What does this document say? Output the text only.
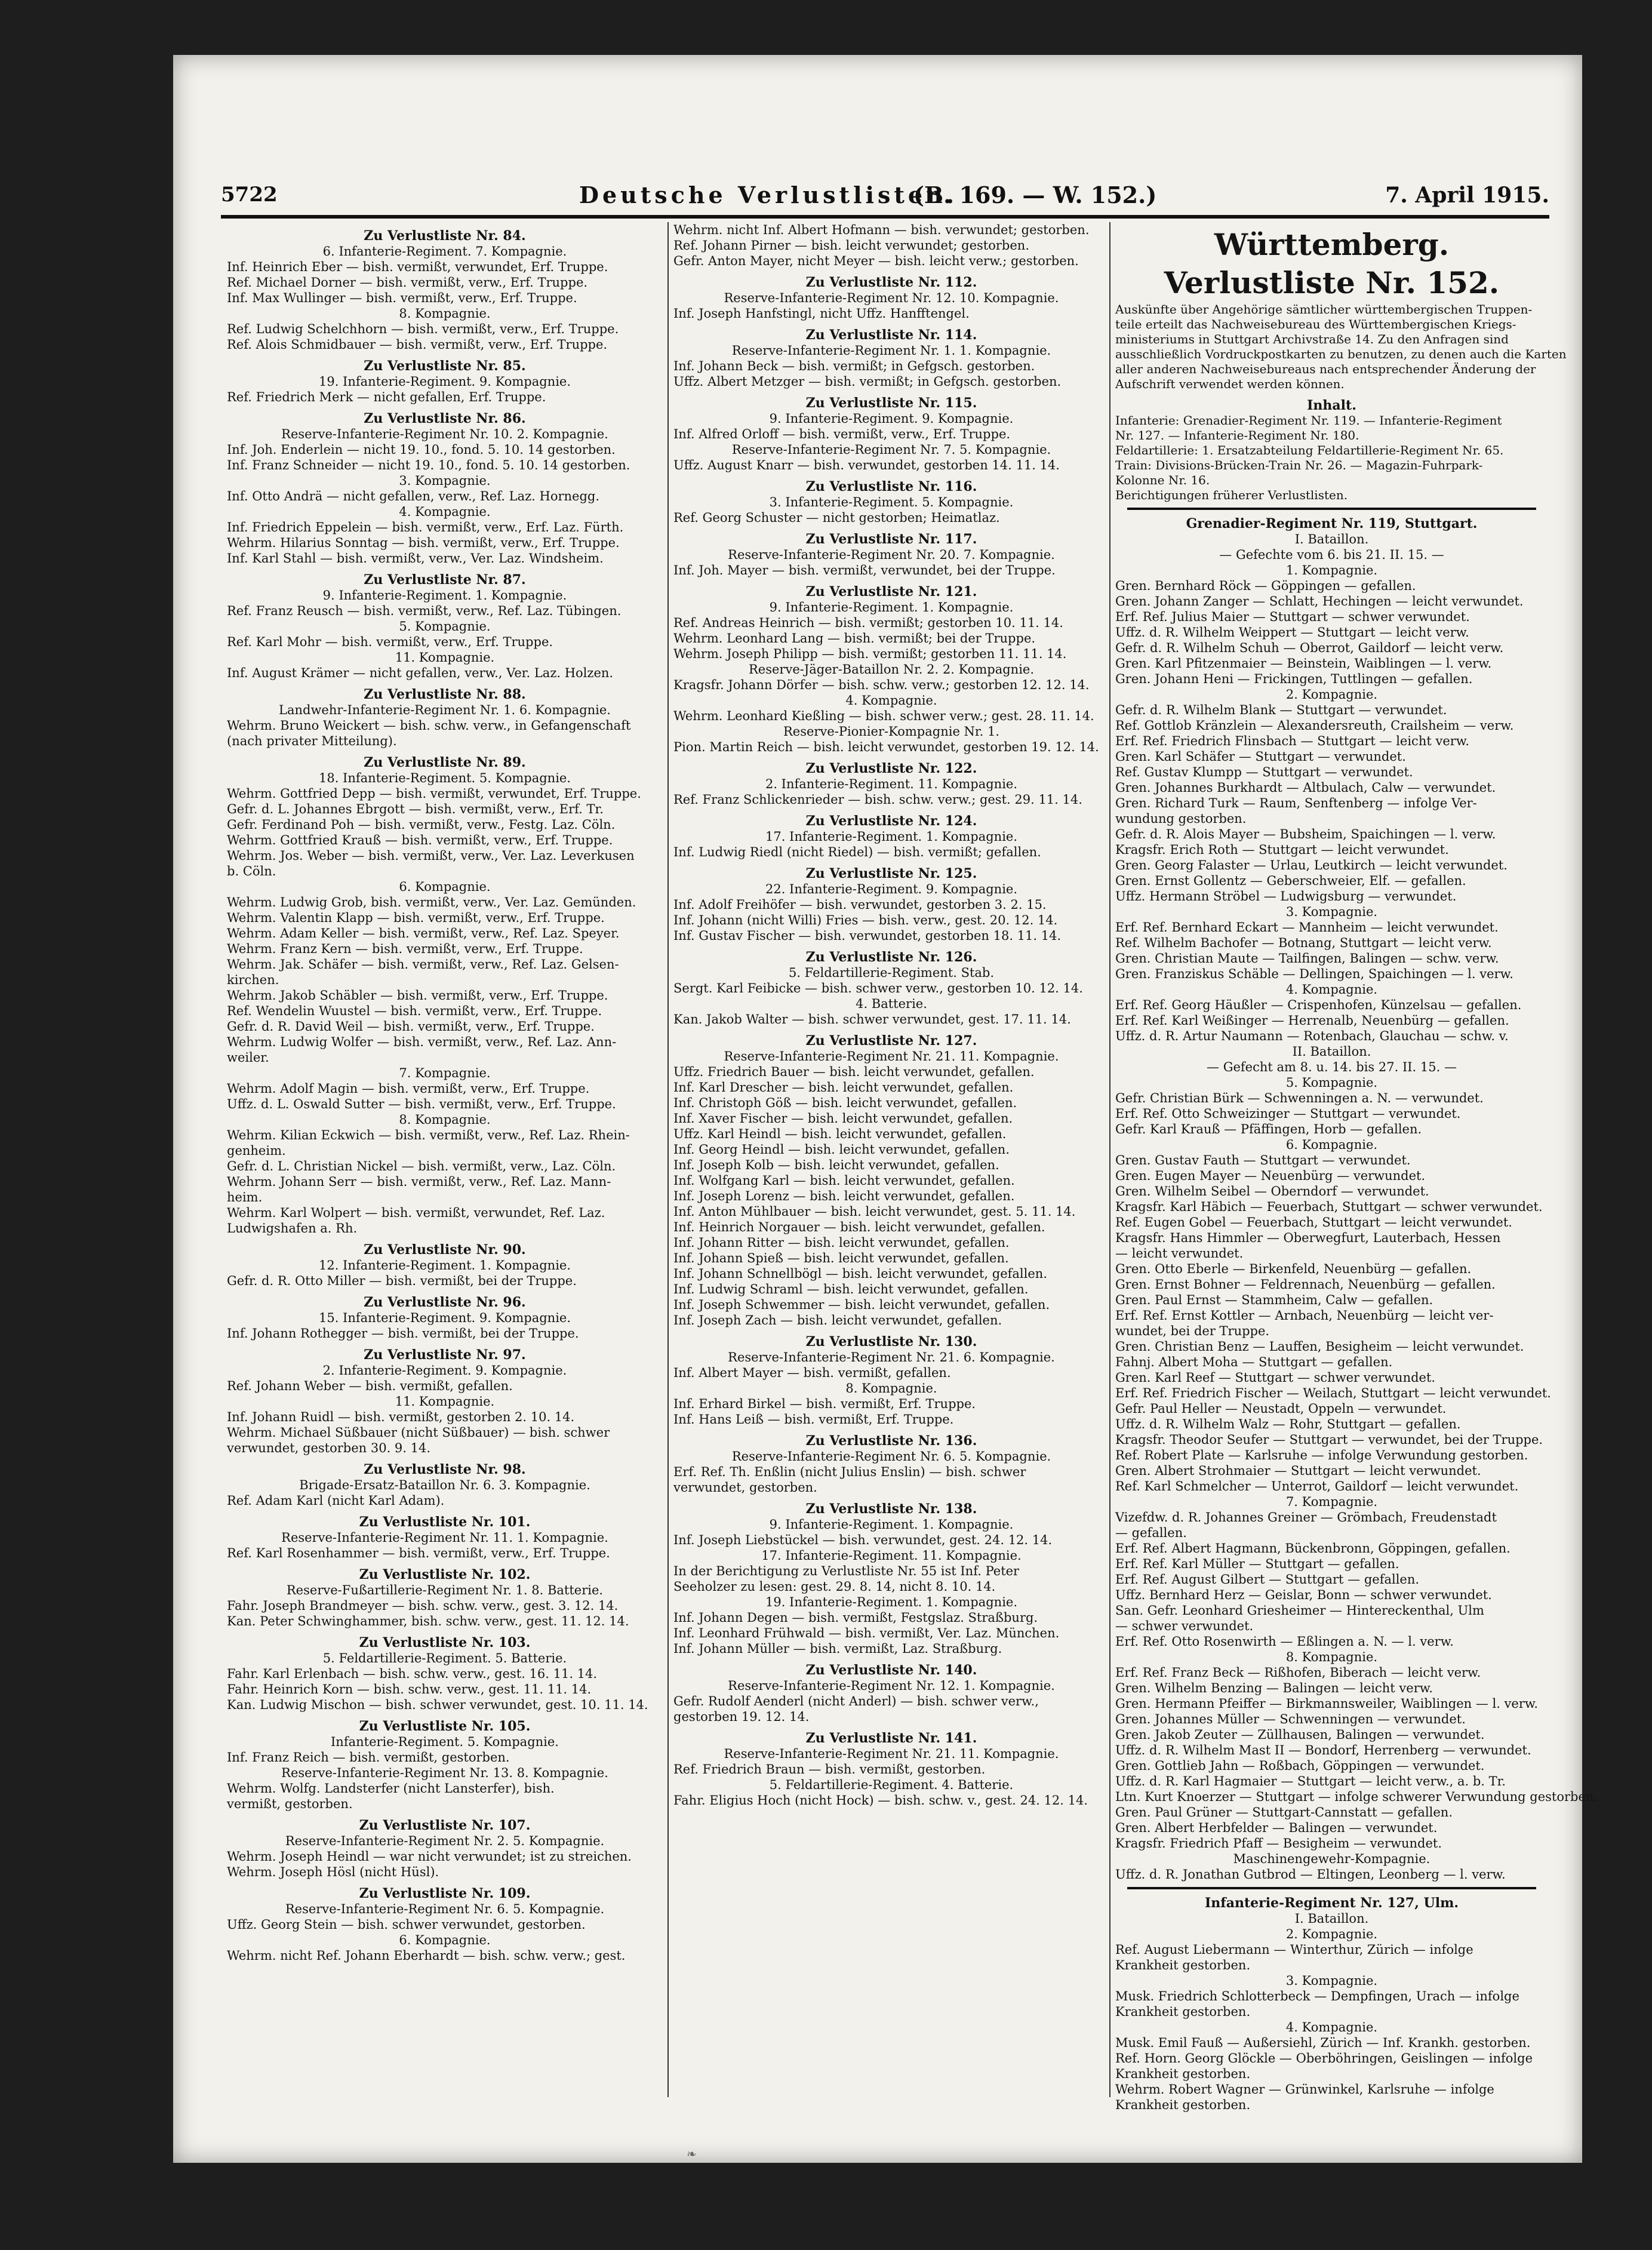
5722	Deutsche Verlustlisten.
(B. 169. — W. 152.)	7. April 1915.
Zu Verlustliste Nr. 84.
6. Infanterie-Regiment. 7. Kompagnie.
Inf. Heinrich Eber — bish. vermißt, verwundet, Erf. Truppe.
Ref. Michael Dorner — bish. vermißt, verw., Erf. Truppe.
Inf. Max Wullinger — bish. vermißt, verw., Erf. Truppe.
8. Kompagnie.
Ref. Ludwig Schelchhorn — bish. vermißt, verw., Erf. Truppe.
Ref. Alois Schmidbauer — bish. vermißt, verw., Erf. Truppe.
Zu Verlustliste Nr. 85.
19. Infanterie-Regiment. 9. Kompagnie.
Ref. Friedrich Merk — nicht gefallen, Erf. Truppe.
Zu Verlustliste Nr. 86.
Reserve-Infanterie-Regiment Nr. 10. 2. Kompagnie.
Inf. Joh. Enderlein — nicht 19. 10., fond. 5. 10. 14 gestorben.
Inf. Franz Schneider — nicht 19. 10., fond. 5. 10. 14 gestorben.
3. Kompagnie.
Inf. Otto Andrä — nicht gefallen, verw., Ref. Laz. Hornegg.
4. Kompagnie.
Inf. Friedrich Eppelein — bish. vermißt, verw., Erf. Laz. Fürth.
Wehrm. Hilarius Sonntag — bish. vermißt, verw., Erf. Truppe.
Inf. Karl Stahl — bish. vermißt, verw., Ver. Laz. Windsheim.
Zu Verlustliste Nr. 87.
9. Infanterie-Regiment. 1. Kompagnie.
Ref. Franz Reusch — bish. vermißt, verw., Ref. Laz. Tübingen.
5. Kompagnie.
Ref. Karl Mohr — bish. vermißt, verw., Erf. Truppe.
11. Kompagnie.
Inf. August Krämer — nicht gefallen, verw., Ver. Laz. Holzen.
Zu Verlustliste Nr. 88.
Landwehr-Infanterie-Regiment Nr. 1. 6. Kompagnie.
Wehrm. Bruno Weickert — bish. schw. verw., in Gefangenschaft
(nach privater Mitteilung).
Zu Verlustliste Nr. 89.
18. Infanterie-Regiment. 5. Kompagnie.
Wehrm. Gottfried Depp — bish. vermißt, verwundet, Erf. Truppe.
Gefr. d. L. Johannes Ebrgott — bish. vermißt, verw., Erf. Tr.
Gefr. Ferdinand Poh — bish. vermißt, verw., Festg. Laz. Cöln.
Wehrm. Gottfried Krauß — bish. vermißt, verw., Erf. Truppe.
Wehrm. Jos. Weber — bish. vermißt, verw., Ver. Laz. Leverkusen
b. Cöln.
6. Kompagnie.
Wehrm. Ludwig Grob, bish. vermißt, verw., Ver. Laz. Gemünden.
Wehrm. Valentin Klapp — bish. vermißt, verw., Erf. Truppe.
Wehrm. Adam Keller — bish. vermißt, verw., Ref. Laz. Speyer.
Wehrm. Franz Kern — bish. vermißt, verw., Erf. Truppe.
Wehrm. Jak. Schäfer — bish. vermißt, verw., Ref. Laz. Gelsen-
kirchen.
Wehrm. Jakob Schäbler — bish. vermißt, verw., Erf. Truppe.
Ref. Wendelin Wuustel — bish. vermißt, verw., Erf. Truppe.
Gefr. d. R. David Weil — bish. vermißt, verw., Erf. Truppe.
Wehrm. Ludwig Wolfer — bish. vermißt, verw., Ref. Laz. Ann-
weiler.
7. Kompagnie.
Wehrm. Adolf Magin — bish. vermißt, verw., Erf. Truppe.
Uffz. d. L. Oswald Sutter — bish. vermißt, verw., Erf. Truppe.
8. Kompagnie.
Wehrm. Kilian Eckwich — bish. vermißt, verw., Ref. Laz. Rhein-
genheim.
Gefr. d. L. Christian Nickel — bish. vermißt, verw., Laz. Cöln.
Wehrm. Johann Serr — bish. vermißt, verw., Ref. Laz. Mann-
heim.
Wehrm. Karl Wolpert — bish. vermißt, verwundet, Ref. Laz.
Ludwigshafen a. Rh.
Zu Verlustliste Nr. 90.
12. Infanterie-Regiment. 1. Kompagnie.
Gefr. d. R. Otto Miller — bish. vermißt, bei der Truppe.
Zu Verlustliste Nr. 96.
15. Infanterie-Regiment. 9. Kompagnie.
Inf. Johann Rothegger — bish. vermißt, bei der Truppe.
Zu Verlustliste Nr. 97.
2. Infanterie-Regiment. 9. Kompagnie.
Ref. Johann Weber — bish. vermißt, gefallen.
11. Kompagnie.
Inf. Johann Ruidl — bish. vermißt, gestorben 2. 10. 14.
Wehrm. Michael Süßbauer (nicht Süßbauer) — bish. schwer
verwundet, gestorben 30. 9. 14.
Zu Verlustliste Nr. 98.
Brigade-Ersatz-Bataillon Nr. 6. 3. Kompagnie.
Ref. Adam Karl (nicht Karl Adam).
Zu Verlustliste Nr. 101.
Reserve-Infanterie-Regiment Nr. 11. 1. Kompagnie.
Ref. Karl Rosenhammer — bish. vermißt, verw., Erf. Truppe.
Zu Verlustliste Nr. 102.
Reserve-Fußartillerie-Regiment Nr. 1. 8. Batterie.
Fahr. Joseph Brandmeyer — bish. schw. verw., gest. 3. 12. 14.
Kan. Peter Schwinghammer, bish. schw. verw., gest. 11. 12. 14.
Zu Verlustliste Nr. 103.
5. Feldartillerie-Regiment. 5. Batterie.
Fahr. Karl Erlenbach — bish. schw. verw., gest. 16. 11. 14.
Fahr. Heinrich Korn — bish. schw. verw., gest. 11. 11. 14.
Kan. Ludwig Mischon — bish. schwer verwundet, gest. 10. 11. 14.
Zu Verlustliste Nr. 105.
Infanterie-Regiment. 5. Kompagnie.
Inf. Franz Reich — bish. vermißt, gestorben.
Reserve-Infanterie-Regiment Nr. 13. 8. Kompagnie.
Wehrm. Wolfg. Landsterfer (nicht Lansterfer), bish.
vermißt, gestorben.
Zu Verlustliste Nr. 107.
Reserve-Infanterie-Regiment Nr. 2. 5. Kompagnie.
Wehrm. Joseph Heindl — war nicht verwundet; ist zu streichen.
Wehrm. Joseph Hösl (nicht Hüsl).
Zu Verlustliste Nr. 109.
Reserve-Infanterie-Regiment Nr. 6. 5. Kompagnie.
Uffz. Georg Stein — bish. schwer verwundet, gestorben.
6. Kompagnie.
Wehrm. nicht Ref. Johann Eberhardt — bish. schw. verw.; gest.
Wehrm. nicht Inf. Albert Hofmann — bish. verwundet; gestorben.
Ref. Johann Pirner — bish. leicht verwundet; gestorben.
Gefr. Anton Mayer, nicht Meyer — bish. leicht verw.; gestorben.
Zu Verlustliste Nr. 112.
Reserve-Infanterie-Regiment Nr. 12. 10. Kompagnie.
Inf. Joseph Hanfstingl, nicht Uffz. Hanfftengel.
Zu Verlustliste Nr. 114.
Reserve-Infanterie-Regiment Nr. 1. 1. Kompagnie.
Inf. Johann Beck — bish. vermißt; in Gefgsch. gestorben.
Uffz. Albert Metzger — bish. vermißt; in Gefgsch. gestorben.
Zu Verlustliste Nr. 115.
9. Infanterie-Regiment. 9. Kompagnie.
Inf. Alfred Orloff — bish. vermißt, verw., Erf. Truppe.
Reserve-Infanterie-Regiment Nr. 7. 5. Kompagnie.
Uffz. August Knarr — bish. verwundet, gestorben 14. 11. 14.
Zu Verlustliste Nr. 116.
3. Infanterie-Regiment. 5. Kompagnie.
Ref. Georg Schuster — nicht gestorben; Heimatlaz.
Zu Verlustliste Nr. 117.
Reserve-Infanterie-Regiment Nr. 20. 7. Kompagnie.
Inf. Joh. Mayer — bish. vermißt, verwundet, bei der Truppe.
Zu Verlustliste Nr. 121.
9. Infanterie-Regiment. 1. Kompagnie.
Ref. Andreas Heinrich — bish. vermißt; gestorben 10. 11. 14.
Wehrm. Leonhard Lang — bish. vermißt; bei der Truppe.
Wehrm. Joseph Philipp — bish. vermißt; gestorben 11. 11. 14.
Reserve-Jäger-Bataillon Nr. 2. 2. Kompagnie.
Kragsfr. Johann Dörfer — bish. schw. verw.; gestorben 12. 12. 14.
4. Kompagnie.
Wehrm. Leonhard Kießling — bish. schwer verw.; gest. 28. 11. 14.
Reserve-Pionier-Kompagnie Nr. 1.
Pion. Martin Reich — bish. leicht verwundet, gestorben 19. 12. 14.
Zu Verlustliste Nr. 122.
2. Infanterie-Regiment. 11. Kompagnie.
Ref. Franz Schlickenrieder — bish. schw. verw.; gest. 29. 11. 14.
Zu Verlustliste Nr. 124.
17. Infanterie-Regiment. 1. Kompagnie.
Inf. Ludwig Riedl (nicht Riedel) — bish. vermißt; gefallen.
Zu Verlustliste Nr. 125.
22. Infanterie-Regiment. 9. Kompagnie.
Inf. Adolf Freihöfer — bish. verwundet, gestorben 3. 2. 15.
Inf. Johann (nicht Willi) Fries — bish. verw., gest. 20. 12. 14.
Inf. Gustav Fischer — bish. verwundet, gestorben 18. 11. 14.
Zu Verlustliste Nr. 126.
5. Feldartillerie-Regiment. Stab.
Sergt. Karl Feibicke — bish. schwer verw., gestorben 10. 12. 14.
4. Batterie.
Kan. Jakob Walter — bish. schwer verwundet, gest. 17. 11. 14.
Zu Verlustliste Nr. 127.
Reserve-Infanterie-Regiment Nr. 21. 11. Kompagnie.
Uffz. Friedrich Bauer — bish. leicht verwundet, gefallen.
Inf. Karl Drescher — bish. leicht verwundet, gefallen.
Inf. Christoph Göß — bish. leicht verwundet, gefallen.
Inf. Xaver Fischer — bish. leicht verwundet, gefallen.
Uffz. Karl Heindl — bish. leicht verwundet, gefallen.
Inf. Georg Heindl — bish. leicht verwundet, gefallen.
Inf. Joseph Kolb — bish. leicht verwundet, gefallen.
Inf. Wolfgang Karl — bish. leicht verwundet, gefallen.
Inf. Joseph Lorenz — bish. leicht verwundet, gefallen.
Inf. Anton Mühlbauer — bish. leicht verwundet, gest. 5. 11. 14.
Inf. Heinrich Norgauer — bish. leicht verwundet, gefallen.
Inf. Johann Ritter — bish. leicht verwundet, gefallen.
Inf. Johann Spieß — bish. leicht verwundet, gefallen.
Inf. Johann Schnellbögl — bish. leicht verwundet, gefallen.
Inf. Ludwig Schraml — bish. leicht verwundet, gefallen.
Inf. Joseph Schwemmer — bish. leicht verwundet, gefallen.
Inf. Joseph Zach — bish. leicht verwundet, gefallen.
Zu Verlustliste Nr. 130.
Reserve-Infanterie-Regiment Nr. 21. 6. Kompagnie.
Inf. Albert Mayer — bish. vermißt, gefallen.
8. Kompagnie.
Inf. Erhard Birkel — bish. vermißt, Erf. Truppe.
Inf. Hans Leiß — bish. vermißt, Erf. Truppe.
Zu Verlustliste Nr. 136.
Reserve-Infanterie-Regiment Nr. 6. 5. Kompagnie.
Erf. Ref. Th. Enßlin (nicht Julius Enslin) — bish. schwer
verwundet, gestorben.
Zu Verlustliste Nr. 138.
9. Infanterie-Regiment. 1. Kompagnie.
Inf. Joseph Liebstückel — bish. verwundet, gest. 24. 12. 14.
17. Infanterie-Regiment. 11. Kompagnie.
In der Berichtigung zu Verlustliste Nr. 55 ist Inf. Peter
Seeholzer zu lesen: gest. 29. 8. 14, nicht 8. 10. 14.
19. Infanterie-Regiment. 1. Kompagnie.
Inf. Johann Degen — bish. vermißt, Festgslaz. Straßburg.
Inf. Leonhard Frühwald — bish. vermißt, Ver. Laz. München.
Inf. Johann Müller — bish. vermißt, Laz. Straßburg.
Zu Verlustliste Nr. 140.
Reserve-Infanterie-Regiment Nr. 12. 1. Kompagnie.
Gefr. Rudolf Aenderl (nicht Anderl) — bish. schwer verw.,
gestorben 19. 12. 14.
Zu Verlustliste Nr. 141.
Reserve-Infanterie-Regiment Nr. 21. 11. Kompagnie.
Ref. Friedrich Braun — bish. vermißt, gestorben.
5. Feldartillerie-Regiment. 4. Batterie.
Fahr. Eligius Hoch (nicht Hock) — bish. schw. v., gest. 24. 12. 14.
Württemberg. Verlustliste Nr. 152.
Auskünfte über Angehörige sämtlicher württembergischen Truppen-
teile erteilt das Nachweisebureau des Württembergischen Kriegs-
ministeriums in Stuttgart Archivstraße 14. Zu den Anfragen sind
ausschließlich Vordruckpostkarten zu benutzen, zu denen auch die Karten
aller anderen Nachweisebureaus nach entsprechender Änderung der
Aufschrift verwendet werden können.
Inhalt.
Infanterie: Grenadier-Regiment Nr. 119. — Infanterie-Regiment
Nr. 127. — Infanterie-Regiment Nr. 180.
Feldartillerie: 1. Ersatzabteilung Feldartillerie-Regiment Nr. 65.
Train: Divisions-Brücken-Train Nr. 26. — Magazin-Fuhrpark-
Kolonne Nr. 16.
Berichtigungen früherer Verlustlisten.
Grenadier-Regiment Nr. 119, Stuttgart.
I. Bataillon.
— Gefechte vom 6. bis 21. II. 15. —
1. Kompagnie.
Gren. Bernhard Röck — Göppingen — gefallen.
Gren. Johann Zanger — Schlatt, Hechingen — leicht verwundet.
Erf. Ref. Julius Maier — Stuttgart — schwer verwundet.
Uffz. d. R. Wilhelm Weippert — Stuttgart — leicht verw.
Gefr. d. R. Wilhelm Schuh — Oberrot, Gaildorf — leicht verw.
Gren. Karl Pfitzenmaier — Beinstein, Waiblingen — l. verw.
Gren. Johann Heni — Frickingen, Tuttlingen — gefallen.
2. Kompagnie.
Gefr. d. R. Wilhelm Blank — Stuttgart — verwundet.
Ref. Gottlob Kränzlein — Alexandersreuth, Crailsheim — verw.
Erf. Ref. Friedrich Flinsbach — Stuttgart — leicht verw.
Gren. Karl Schäfer — Stuttgart — verwundet.
Ref. Gustav Klumpp — Stuttgart — verwundet.
Gren. Johannes Burkhardt — Altbulach, Calw — verwundet.
Gren. Richard Turk — Raum, Senftenberg — infolge Ver-
wundung gestorben.
Gefr. d. R. Alois Mayer — Bubsheim, Spaichingen — l. verw.
Kragsfr. Erich Roth — Stuttgart — leicht verwundet.
Gren. Georg Falaster — Urlau, Leutkirch — leicht verwundet.
Gren. Ernst Gollentz — Geberschweier, Elf. — gefallen.
Uffz. Hermann Ströbel — Ludwigsburg — verwundet.
3. Kompagnie.
Erf. Ref. Bernhard Eckart — Mannheim — leicht verwundet.
Ref. Wilhelm Bachofer — Botnang, Stuttgart — leicht verw.
Gren. Christian Maute — Tailfingen, Balingen — schw. verw.
Gren. Franziskus Schäble — Dellingen, Spaichingen — l. verw.
4. Kompagnie.
Erf. Ref. Georg Häußler — Crispenhofen, Künzelsau — gefallen.
Erf. Ref. Karl Weißinger — Herrenalb, Neuenbürg — gefallen.
Uffz. d. R. Artur Naumann — Rotenbach, Glauchau — schw. v.
II. Bataillon.
— Gefecht am 8. u. 14. bis 27. II. 15. —
5. Kompagnie.
Gefr. Christian Bürk — Schwenningen a. N. — verwundet.
Erf. Ref. Otto Schweizinger — Stuttgart — verwundet.
Gefr. Karl Krauß — Pfäffingen, Horb — gefallen.
6. Kompagnie.
Gren. Gustav Fauth — Stuttgart — verwundet.
Gren. Eugen Mayer — Neuenbürg — verwundet.
Gren. Wilhelm Seibel — Oberndorf — verwundet.
Kragsfr. Karl Häbich — Feuerbach, Stuttgart — schwer verwundet.
Ref. Eugen Gobel — Feuerbach, Stuttgart — leicht verwundet.
Kragsfr. Hans Himmler — Oberwegfurt, Lauterbach, Hessen
— leicht verwundet.
Gren. Otto Eberle — Birkenfeld, Neuenbürg — gefallen.
Gren. Ernst Bohner — Feldrennach, Neuenbürg — gefallen.
Gren. Paul Ernst — Stammheim, Calw — gefallen.
Erf. Ref. Ernst Kottler — Arnbach, Neuenbürg — leicht ver-
wundet, bei der Truppe.
Gren. Christian Benz — Lauffen, Besigheim — leicht verwundet.
Fahnj. Albert Moha — Stuttgart — gefallen.
Gren. Karl Reef — Stuttgart — schwer verwundet.
Erf. Ref. Friedrich Fischer — Weilach, Stuttgart — leicht verwundet.
Gefr. Paul Heller — Neustadt, Oppeln — verwundet.
Uffz. d. R. Wilhelm Walz — Rohr, Stuttgart — gefallen.
Kragsfr. Theodor Seufer — Stuttgart — verwundet, bei der Truppe.
Ref. Robert Plate — Karlsruhe — infolge Verwundung gestorben.
Gren. Albert Strohmaier — Stuttgart — leicht verwundet.
Ref. Karl Schmelcher — Unterrot, Gaildorf — leicht verwundet.
7. Kompagnie.
Vizefdw. d. R. Johannes Greiner — Grömbach, Freudenstadt
— gefallen.
Erf. Ref. Albert Hagmann, Bückenbronn, Göppingen, gefallen.
Erf. Ref. Karl Müller — Stuttgart — gefallen.
Erf. Ref. August Gilbert — Stuttgart — gefallen.
Uffz. Bernhard Herz — Geislar, Bonn — schwer verwundet.
San. Gefr. Leonhard Griesheimer — Hintereckenthal, Ulm
— schwer verwundet.
Erf. Ref. Otto Rosenwirth — Eßlingen a. N. — l. verw.
8. Kompagnie.
Erf. Ref. Franz Beck — Rißhofen, Biberach — leicht verw.
Gren. Wilhelm Benzing — Balingen — leicht verw.
Gren. Hermann Pfeiffer — Birkmannsweiler, Waiblingen — l. verw.
Gren. Johannes Müller — Schwenningen — verwundet.
Gren. Jakob Zeuter — Züllhausen, Balingen — verwundet.
Uffz. d. R. Wilhelm Mast II — Bondorf, Herrenberg — verwundet.
Gren. Gottlieb Jahn — Roßbach, Göppingen — verwundet.
Uffz. d. R. Karl Hagmaier — Stuttgart — leicht verw., a. b. Tr.
Ltn. Kurt Knoerzer — Stuttgart — infolge schwerer Verwundung gestorben.
Gren. Paul Grüner — Stuttgart-Cannstatt — gefallen.
Gren. Albert Herbfelder — Balingen — verwundet.
Kragsfr. Friedrich Pfaff — Besigheim — verwundet.
Maschinengewehr-Kompagnie.
Uffz. d. R. Jonathan Gutbrod — Eltingen, Leonberg — l. verw.
Infanterie-Regiment Nr. 127, Ulm.
I. Bataillon.
2. Kompagnie.
Ref. August Liebermann — Winterthur, Zürich — infolge
Krankheit gestorben.
3. Kompagnie.
Musk. Friedrich Schlotterbeck — Dempfingen, Urach — infolge
Krankheit gestorben.
4. Kompagnie.
Musk. Emil Fauß — Außersiehl, Zürich — Inf. Krankh. gestorben.
Ref. Horn. Georg Glöckle — Oberböhringen, Geislingen — infolge
Krankheit gestorben.
Wehrm. Robert Wagner — Grünwinkel, Karlsruhe — infolge
Krankheit gestorben.
❧
